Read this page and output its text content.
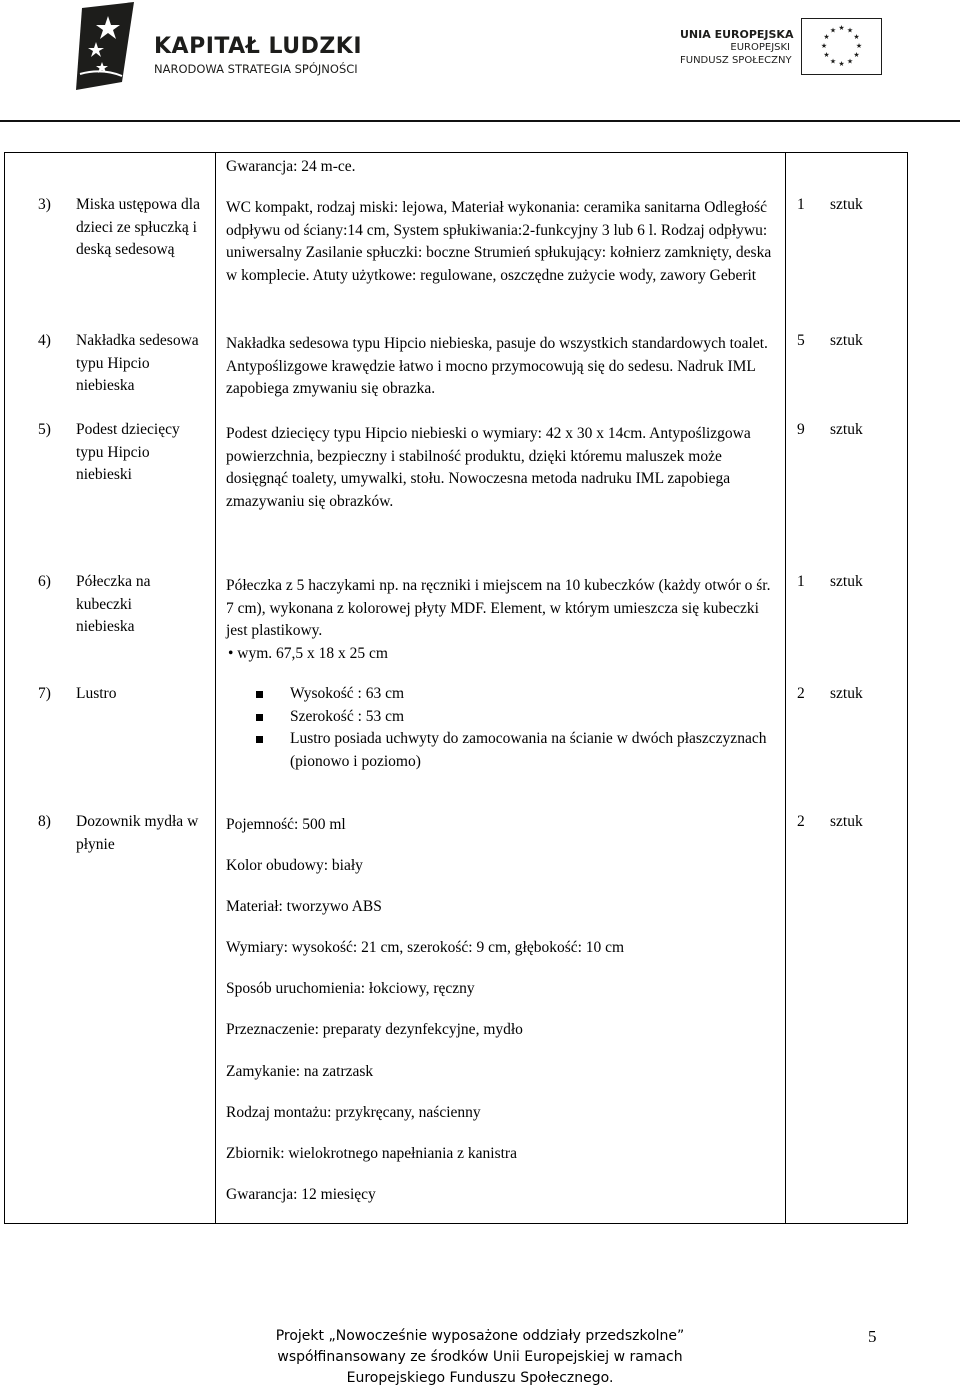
KAPITAŁ LUDZKI
NARODOWA STRATEGIA SPÓJNOŚCI
UNIA EUROPEJSKA
EUROPEJSKI
FUNDUSZ SPOŁECZNY
★ ★
★
★
★
★
★
★
★
★
★
★
Gwarancja: 24 m-ce.
3) Miska ustępowa dla dzieci ze spłuczką i deską sedesową
WC kompakt, rodzaj miski: lejowa, Materiał wykonania: ceramika sanitarna Odległość odpływu od ściany:14 cm, System spłukiwania:2-funkcyjny 3 lub 6 l. Rodzaj odpływu: uniwersalny Zasilanie spłuczki: boczne Strumień spłukujący: kołnierz zamknięty, deska w komplecie. Atuty użytkowe: regulowane, oszczędne zużycie wody, zawory Geberit
1 sztuk
4) Nakładka sedesowa typu Hipcio niebieska
Nakładka sedesowa typu Hipcio niebieska, pasuje do wszystkich standardowych toalet. Antypoślizgowe krawędzie łatwo i mocno przymocowują się do sedesu. Nadruk IML zapobiega zmywaniu się obrazka.
5 sztuk
5) Podest dziecięcy typu Hipcio niebieski
Podest dziecięcy typu Hipcio niebieski o wymiary: 42 x 30 x 14cm. Antypoślizgowa powierzchnia, bezpieczny i stabilność produktu, dzięki któremu maluszek może dosięgnąć toalety, umywalki, stołu. Nowoczesna metoda nadruku IML zapobiega zmazywaniu się obrazków.
9 sztuk
6) Półeczka na kubeczki niebieska

Półeczka z 5 haczykami np. na ręczniki i miejscem na 10 kubeczków (każdy otwór o śr. 7 cm), wykonana z kolorowej płyty MDF. Element, w którym umieszcza się kubeczki jest plastikowy.

• wym. 67,5 x 18 x 25 cm

1 sztuk
7) Lustro	Wysokość : 63 cm
Szerokość : 53 cm
Lustro posiada uchwyty do zamocowania na ścianie w dwóch płaszczyznach (pionowo i poziomo)
2 sztuk
8) Dozownik mydła w płynie

Pojemność: 500 ml

Kolor obudowy: biały

Materiał: tworzywo ABS

Wymiary: wysokość: 21 cm, szerokość: 9 cm, głębokość: 10 cm

Sposób uruchomienia: łokciowy, ręczny

Przeznaczenie: preparaty dezynfekcyjne, mydło

Zamykanie: na zatrzask

Rodzaj montażu: przykręcany, naścienny

Zbiornik: wielokrotnego napełniania z kanistra

Gwarancja: 12 miesięcy

2 sztuk
Projekt „Nowocześnie wyposażone oddziały przedszkolne”
współfinansowany ze środków Unii Europejskiej w ramach
Europejskiego Funduszu Społecznego.
5
